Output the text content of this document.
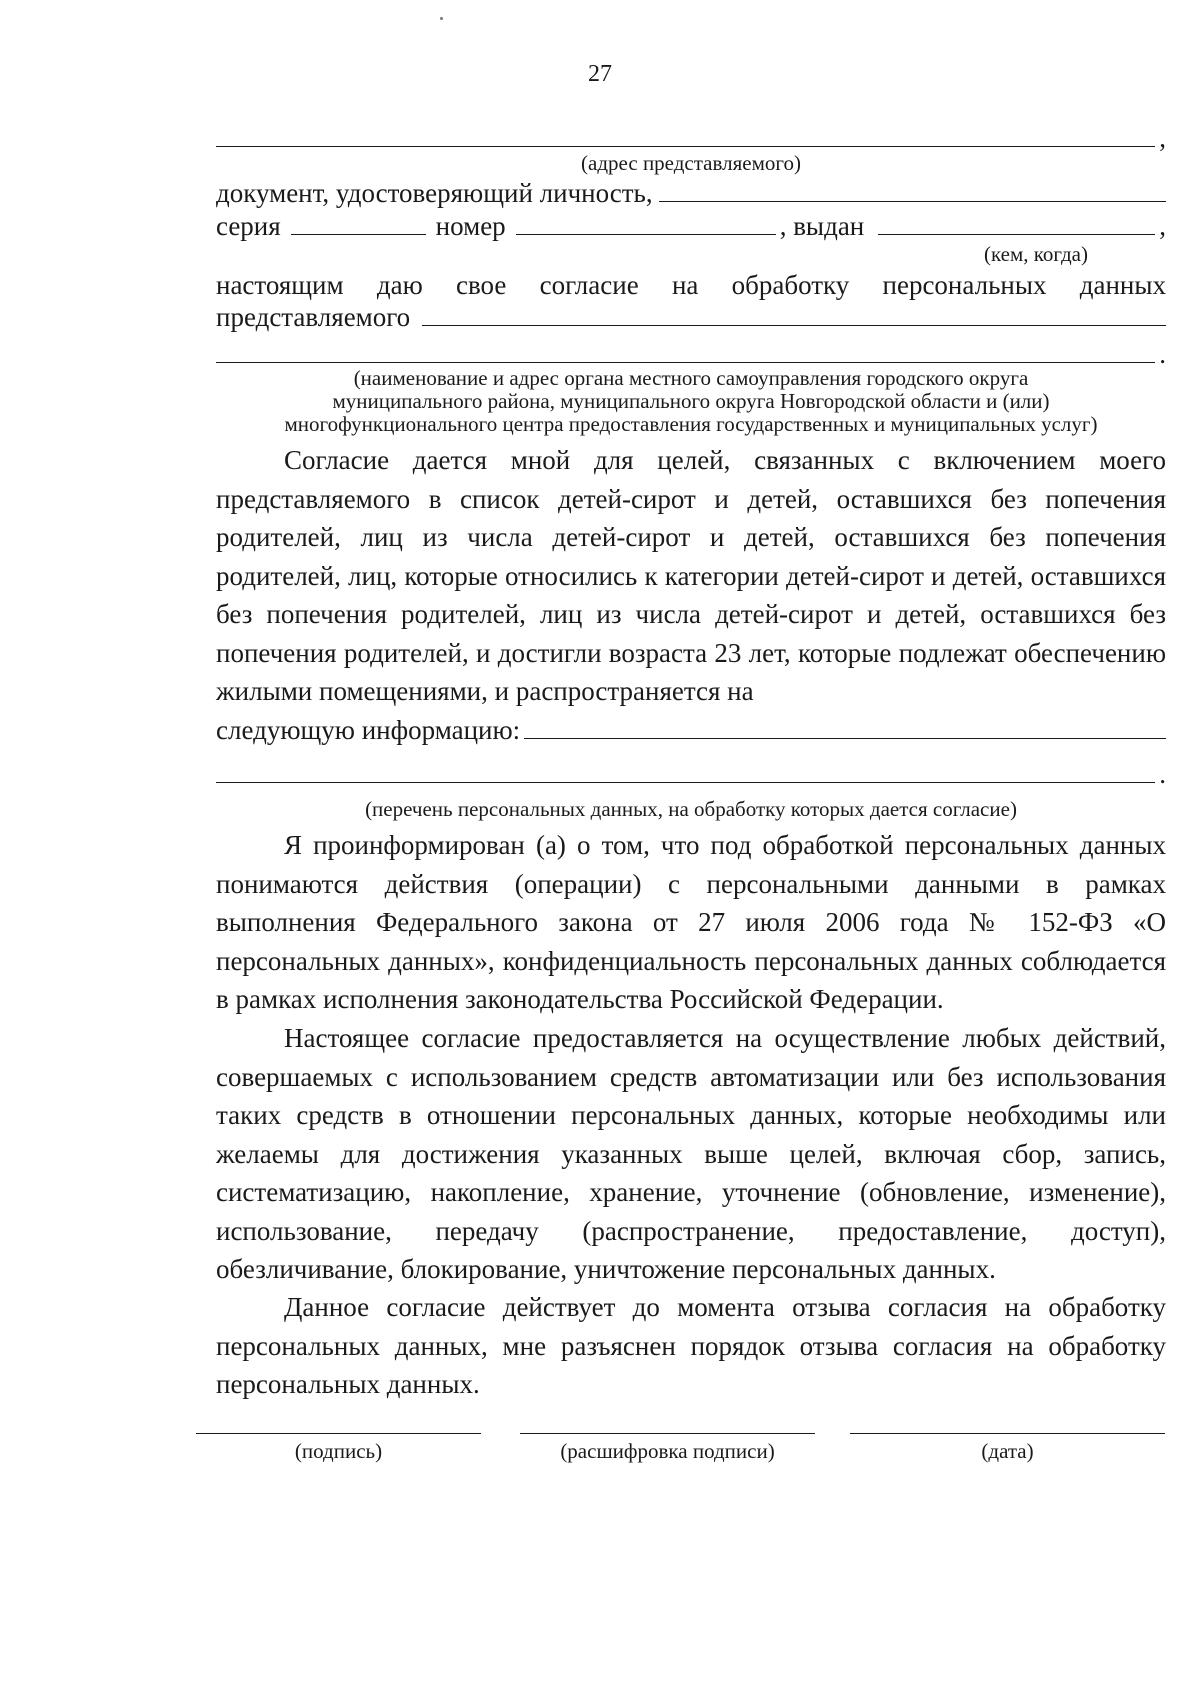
27
,
(адрес представляемого)
документ, удостоверяющий личность,
серия	номер	, выдан	,
(кем, когда)
настоящим даю свое согласие на обработку персональных данных
представляемого
.
(наименование и адрес органа местного самоуправления городского округа
муниципального района, муниципального округа Новгородской области и (или)
многофункционального центра предоставления государственных и муниципальных услуг)

Согласие дается мной для целей, связанных с включением моего представляемого в список детей-сирот и детей, оставшихся без попечения родителей, лиц из числа детей-сирот и детей, оставшихся без попечения родителей, лиц, которые относились к категории детей-сирот и детей, оставшихся без попечения родителей, лиц из числа детей-сирот и детей, оставшихся без попечения родителей, и достигли возраста 23 лет, которые подлежат обеспечению жилыми помещениями, и распространяется на

следующую информацию:
.
(перечень персональных данных, на обработку которых дается согласие)

Я проинформирован (а) о том, что под обработкой персональных данных понимаются действия (операции) с персональными данными в рамках выполнения Федерального закона от 27 июля 2006 года № 152-ФЗ «О персональных данных», конфиденциальность персональных данных соблюдается в рамках исполнения законодательства Российской Федерации.

Настоящее согласие предоставляется на осуществление любых действий, совершаемых с использованием средств автоматизации или без использования таких средств в отношении персональных данных, которые необходимы или желаемы для достижения указанных выше целей, включая сбор, запись, систематизацию, накопление, хранение, уточнение (обновление, изменение), использование, передачу (распространение, предоставление, доступ), обезличивание, блокирование, уничтожение персональных данных.

Данное согласие действует до момента отзыва согласия на обработку персональных данных, мне разъяснен порядок отзыва согласия на обработку персональных данных.

(подпись)	(расшифровка подписи)	(дата)
